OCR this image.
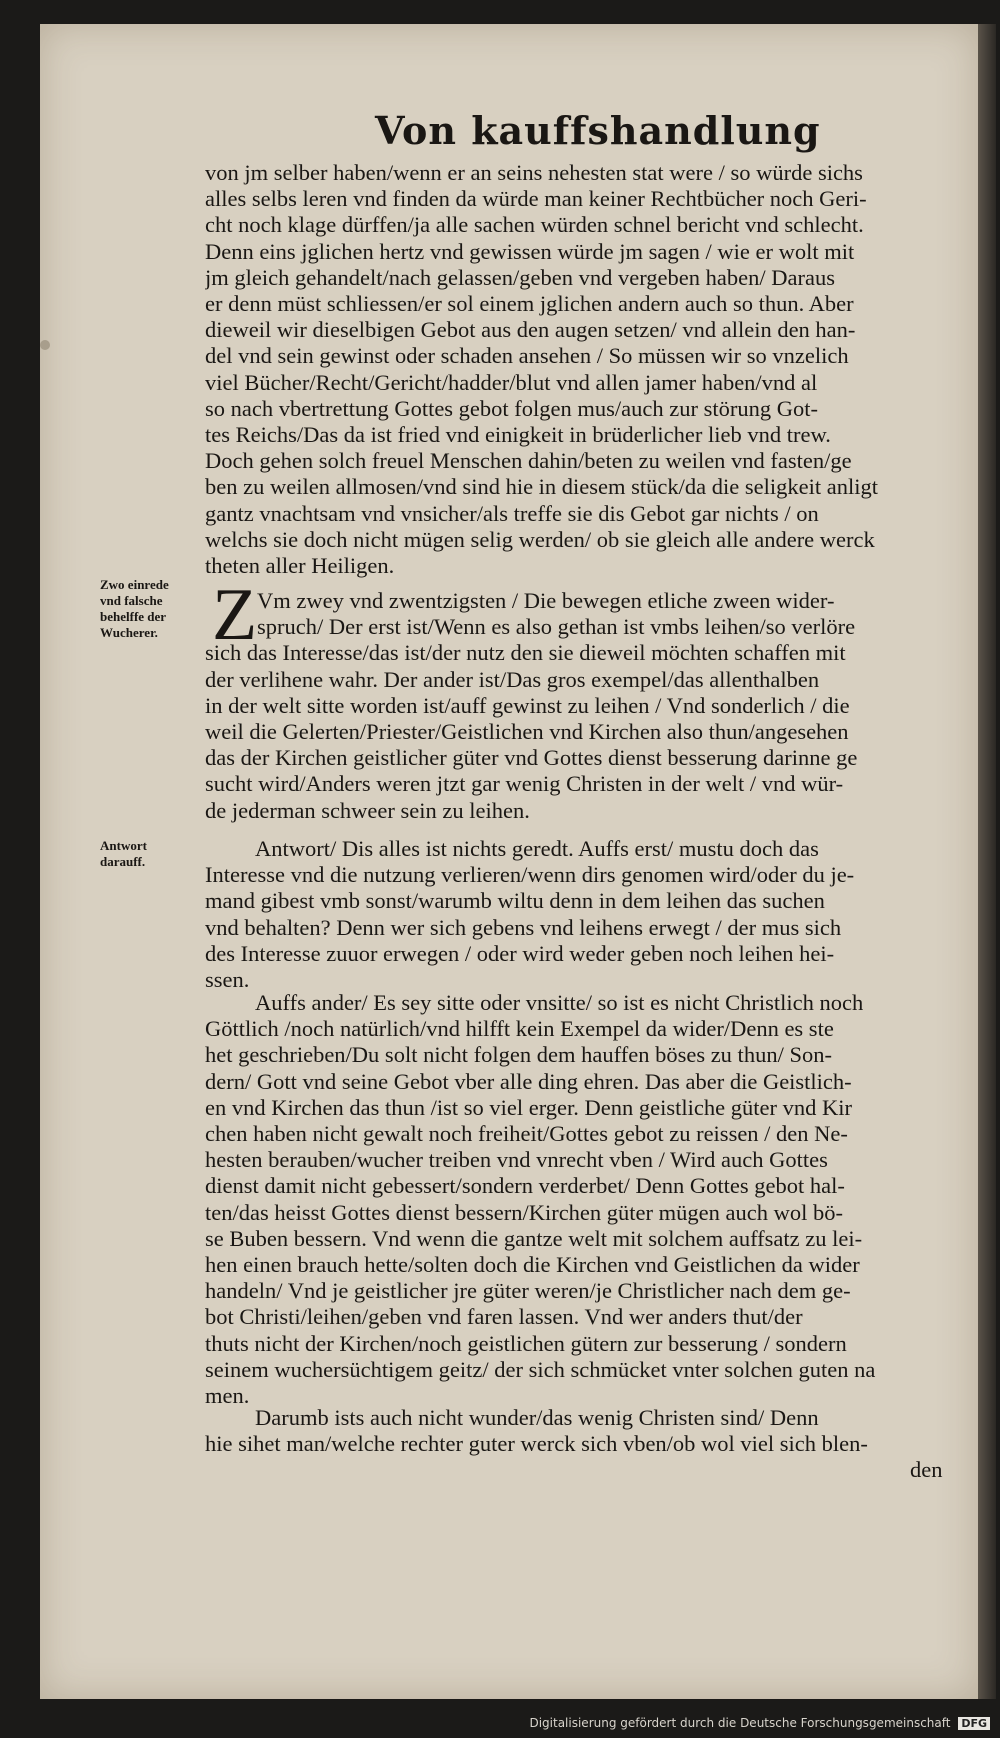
Von kauffshandlung
von jm selber haben/wenn er an seins nehesten stat were / so würde sichs
alles selbs leren vnd finden da würde man keiner Rechtbücher noch Geri-
cht noch klage dürffen/ja alle sachen würden schnel bericht vnd schlecht.
Denn eins jglichen hertz vnd gewissen würde jm sagen / wie er wolt mit
jm gleich gehandelt/nach gelassen/geben vnd vergeben haben/ Daraus
er denn müst schliessen/er sol einem jglichen andern auch so thun. Aber
dieweil wir dieselbigen Gebot aus den augen setzen/ vnd allein den han-
del vnd sein gewinst oder schaden ansehen / So müssen wir so vnzelich
viel Bücher/Recht/Gericht/hadder/blut vnd allen jamer haben/vnd al
so nach vbertrettung Gottes gebot folgen mus/auch zur störung Got-
tes Reichs/Das da ist fried vnd einigkeit in brüderlicher lieb vnd trew.
Doch gehen solch freuel Menschen dahin/beten zu weilen vnd fasten/ge
ben zu weilen allmosen/vnd sind hie in diesem stück/da die seligkeit anligt
gantz vnachtsam vnd vnsicher/als treffe sie dis Gebot gar nichts / on
welchs sie doch nicht mügen selig werden/ ob sie gleich alle andere werck
theten aller Heiligen.
Zwo einrede
vnd falsche
behelffe der
Wucherer. Z Vm zwey vnd zwentzigsten / Die bewegen etliche zween wider-
spruch/ Der erst ist/Wenn es also gethan ist vmbs leihen/so verlöre
sich das Interesse/das ist/der nutz den sie dieweil möchten schaffen mit
der verlihene wahr. Der ander ist/Das gros exempel/das allenthalben
in der welt sitte worden ist/auff gewinst zu leihen / Vnd sonderlich / die
weil die Gelerten/Priester/Geistlichen vnd Kirchen also thun/angesehen
das der Kirchen geistlicher güter vnd Gottes dienst besserung darinne ge
sucht wird/Anders weren jtzt gar wenig Christen in der welt / vnd wür-
de jederman schweer sein zu leihen.
Antwort
darauff.
Antwort/ Dis alles ist nichts geredt. Auffs erst/ mustu doch das
Interesse vnd die nutzung verlieren/wenn dirs genomen wird/oder du je-
mand gibest vmb sonst/warumb wiltu denn in dem leihen das suchen
vnd behalten? Denn wer sich gebens vnd leihens erwegt / der mus sich
des Interesse zuuor erwegen / oder wird weder geben noch leihen hei-
ssen.
Auffs ander/ Es sey sitte oder vnsitte/ so ist es nicht Christlich noch
Göttlich /noch natürlich/vnd hilfft kein Exempel da wider/Denn es ste
het geschrieben/Du solt nicht folgen dem hauffen böses zu thun/ Son-
dern/ Gott vnd seine Gebot vber alle ding ehren. Das aber die Geistlich-
en vnd Kirchen das thun /ist so viel erger. Denn geistliche güter vnd Kir
chen haben nicht gewalt noch freiheit/Gottes gebot zu reissen / den Ne-
hesten berauben/wucher treiben vnd vnrecht vben / Wird auch Gottes
dienst damit nicht gebessert/sondern verderbet/ Denn Gottes gebot hal-
ten/das heisst Gottes dienst bessern/Kirchen güter mügen auch wol bö-
se Buben bessern. Vnd wenn die gantze welt mit solchem auffsatz zu lei-
hen einen brauch hette/solten doch die Kirchen vnd Geistlichen da wider
handeln/ Vnd je geistlicher jre güter weren/je Christlicher nach dem ge-
bot Christi/leihen/geben vnd faren lassen. Vnd wer anders thut/der
thuts nicht der Kirchen/noch geistlichen gütern zur besserung / sondern
seinem wuchersüchtigem geitz/ der sich schmücket vnter solchen guten na
men.
Darumb ists auch nicht wunder/das wenig Christen sind/ Denn
hie sihet man/welche rechter guter werck sich vben/ob wol viel sich blen-
den
Digitalisierung gefördert durch die Deutsche Forschungsgemeinschaft DFG
